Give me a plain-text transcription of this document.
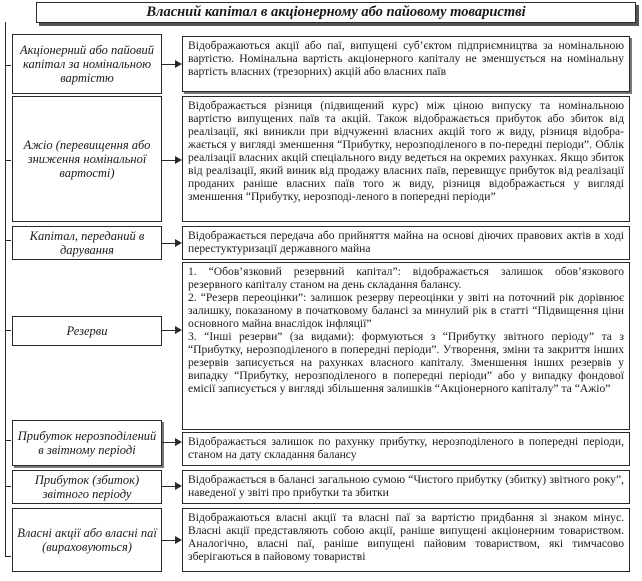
Власний капітал в акціонерному або пайовому товаристві
Акціонерний або пайовий капітал за номінальною вартістю

Відображаються акції або паї, випущені суб’єктом підприємництва за номінальною вартістю. Номінальна вартість акціонерного капіталу не зменшується на номінальну вартість власних (трезорних) акцій або власних паїв

Ажіо (перевищення або зниження номінальної вартості)

Відображається різниця (підвищений курс) між ціною випуску та номінальною вартістю випущених паїв та акцій. Також відображається прибуток або збиток від реалізації, які виникли при відчуженні власних акцій того ж виду, різниця відобра-жається у вигляді зменшення “Прибутку, нерозподіленого в по-передні періоди”. Облік реалізації власних акцій спеціального виду ведеться на окремих рахунках. Якщо збиток від реалізації, який виник від продажу власних паїв, перевищує прибуток від реалізації проданих раніше власних паїв того ж виду, різниця відображається у вигляді зменшення “Прибутку, нерозподі-леного в попередні періоди”

Капітал, переданий в дарування

Відображається передача або прийняття майна на основі діючих правових актів в ході перестуктуризації державного майна

Резерви

1. “Обов’язковий резервний капітал”: відображається залишок обов’язкового резервного капіталу станом на день складання балансу.

2. “Резерв переоцінки”: залишок резерву переоцінки у звіті на поточний рік дорівнює залишку, показаному в початковому балансі за минулий рік в статті “Підвищення ціни основного майна внаслідок інфляції”

3. “Інші резерви” (за видами): формуються з “Прибутку звітного періоду” та з “Прибутку, нерозподіленого в попередні періоди”. Утворення, зміни та закриття інших резервів записується на рахунках власного капіталу. Зменшення інших резервів у випадку “Прибутку, нерозподіленого в попередні періоди” або у випадку фондової емісії записується у вигляді збільшення залишків “Акціонерного капіталу” та “Ажіо”

Прибуток нерозподілений в звітному періоді

Відображається залишок по рахунку прибутку, нерозподіленого в попередні періоди, станом на дату складання балансу

Прибуток (збиток) звітного періоду

Відображається в балансі загальною сумою “Чистого прибутку (збитку) звітного року”, наведеної у звіті про прибутки та збитки

Власні акції або власні паї (вираховуються)

Відображаються власні акції та власні паї за вартістю придбання зі знаком мінус. Власні акції представляють собою акції, раніше випущені акціонерним товариством. Аналогічно, власні паї, раніше випущені пайовим товариством, які тимчасово зберігаються в пайовому товаристві
